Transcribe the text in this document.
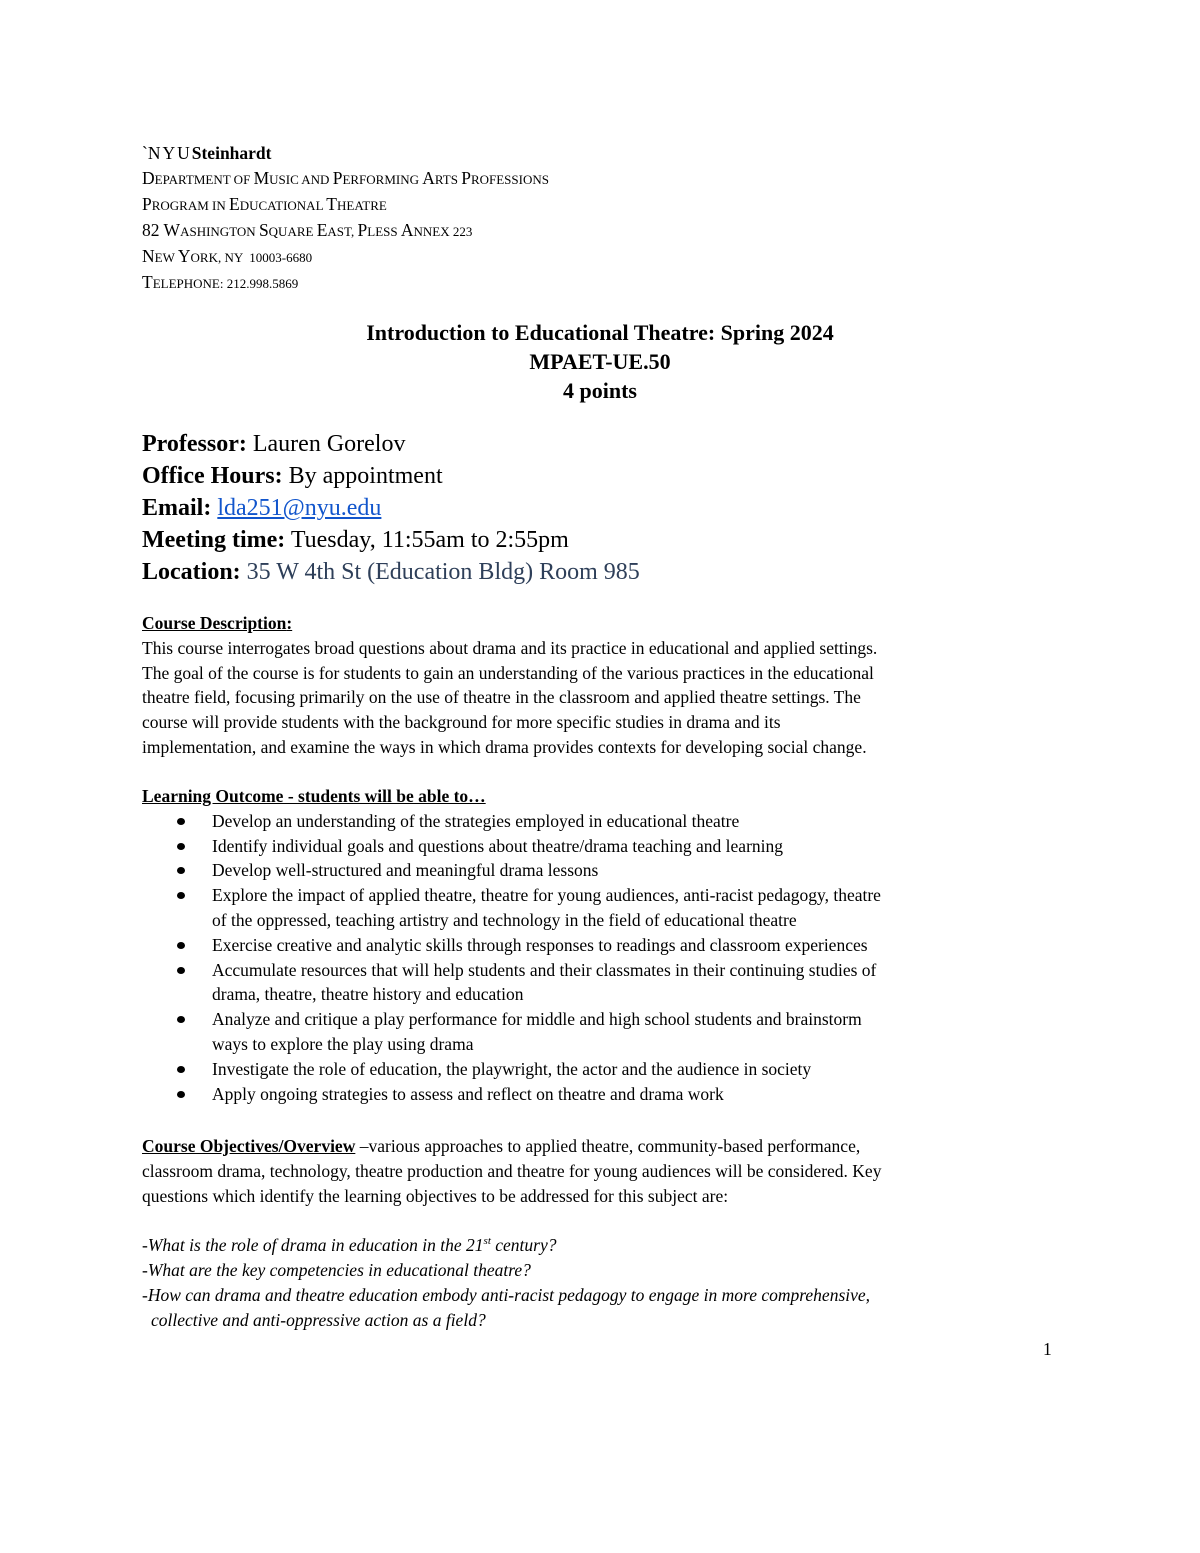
`NYUSteinhardt
DEPARTMENT OF MUSIC AND PERFORMING ARTS PROFESSIONS
PROGRAM IN EDUCATIONAL THEATRE
82 WASHINGTON SQUARE EAST, PLESS ANNEX 223
NEW YORK, NY  10003-6680
TELEPHONE: 212.998.5869
Introduction to Educational Theatre: Spring 2024
MPAET-UE.50
4 points
Professor: Lauren Gorelov
Office Hours: By appointment
Email: lda251@nyu.edu
Meeting time: Tuesday, 11:55am to 2:55pm
Location: 35 W 4th St (Education Bldg) Room 985
Course Description:
This course interrogates broad questions about drama and its practice in educational and applied settings.
The goal of the course is for students to gain an understanding of the various practices in the educational
theatre field, focusing primarily on the use of theatre in the classroom and applied theatre settings. The
course will provide students with the background for more specific studies in drama and its
implementation, and examine the ways in which drama provides contexts for developing social change.
Learning Outcome - students will be able to…
Develop an understanding of the strategies employed in educational theatre
Identify individual goals and questions about theatre/drama teaching and learning
Develop well-structured and meaningful drama lessons
Explore the impact of applied theatre, theatre for young audiences, anti-racist pedagogy, theatre
of the oppressed, teaching artistry and technology in the field of educational theatre
Exercise creative and analytic skills through responses to readings and classroom experiences
Accumulate resources that will help students and their classmates in their continuing studies of
drama, theatre, theatre history and education
Analyze and critique a play performance for middle and high school students and brainstorm
ways to explore the play using drama
Investigate the role of education, the playwright, the actor and the audience in society
Apply ongoing strategies to assess and reflect on theatre and drama work
Course Objectives/Overview –various approaches to applied theatre, community-based performance,
classroom drama, technology, theatre production and theatre for young audiences will be considered. Key
questions which identify the learning objectives to be addressed for this subject are:
-What is the role of drama in education in the 21st century?
-What are the key competencies in educational theatre?
-How can drama and theatre education embody anti-racist pedagogy to engage in more comprehensive,
collective and anti-oppressive action as a field?
1
